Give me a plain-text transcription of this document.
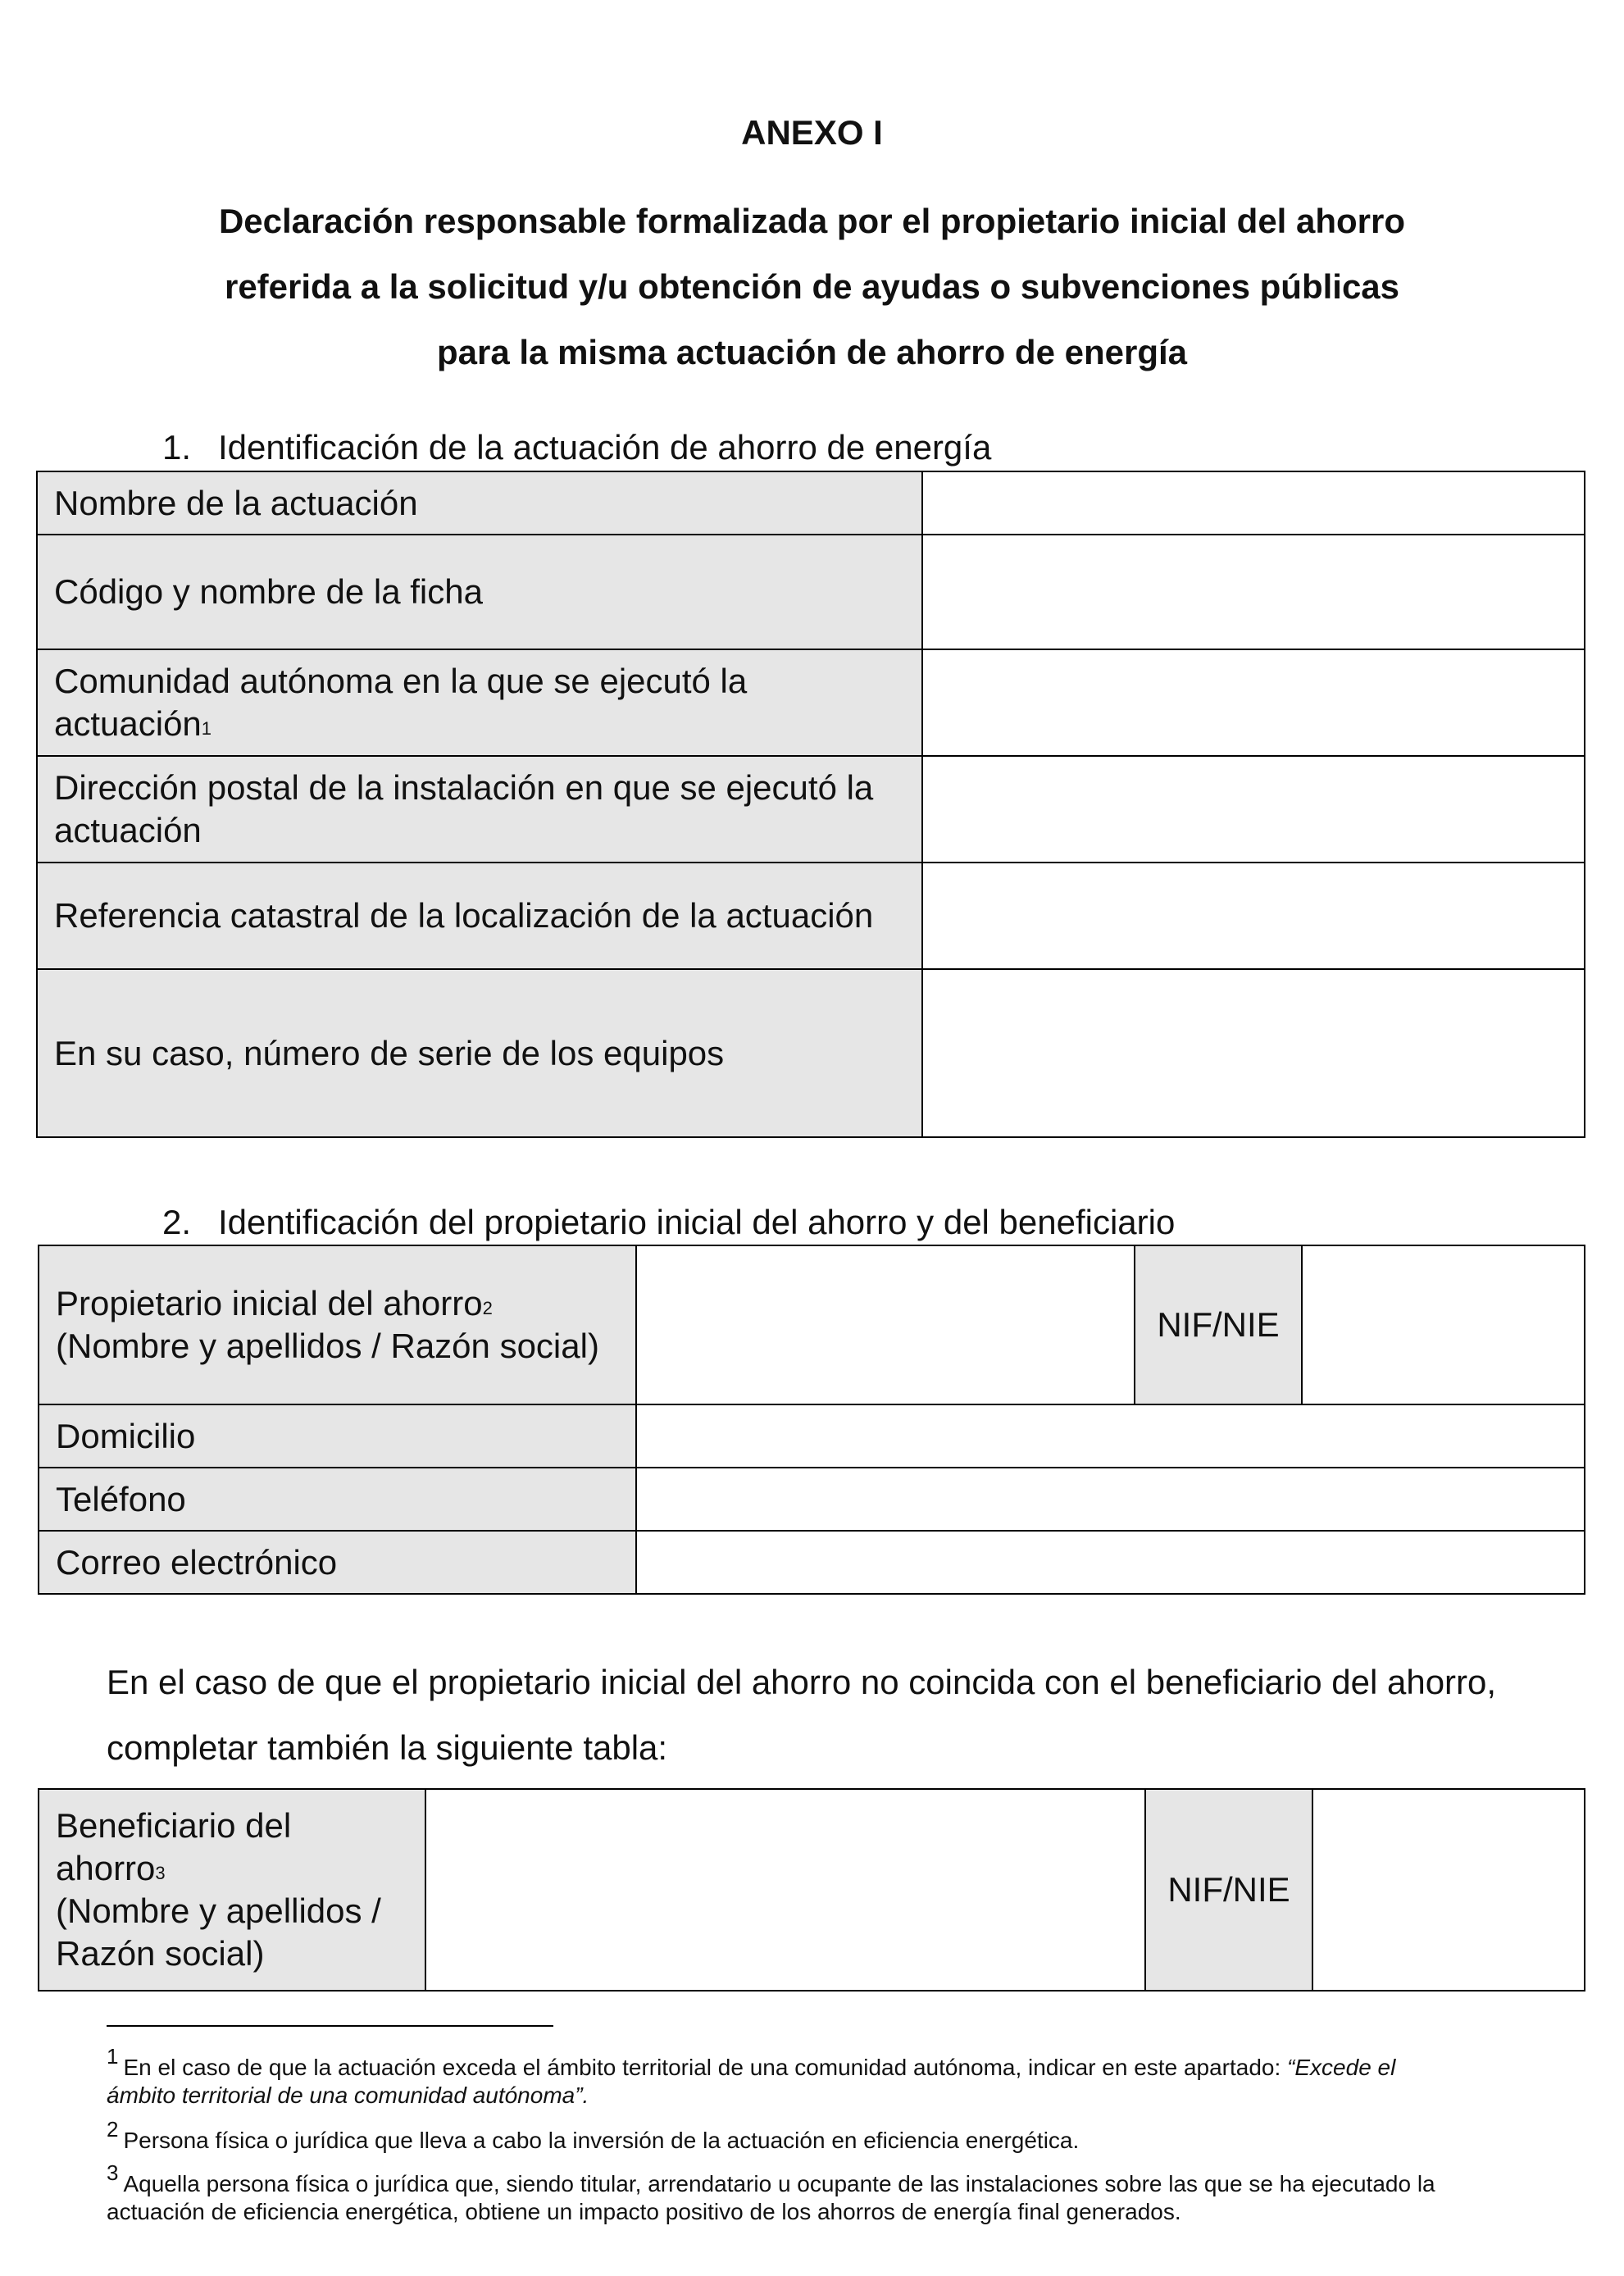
ANEXO I
Declaración responsable formalizada por el propietario inicial del ahorro
referida a la solicitud y/u obtención de ayudas o subvenciones públicas
para la misma actuación de ahorro de energía
1. Identificación de la actuación de ahorro de energía
Nombre de la actuación	
Código y nombre de la ficha	
Comunidad autónoma en la que se ejecutó la actuación$^1$	
Dirección postal de la instalación en que se ejecutó la actuación	
Referencia catastral de la localización de la actuación	
En su caso, número de serie de los equipos	
2. Identificación del propietario inicial del ahorro y del beneficiario
Propietario inicial del ahorro$^2$
(Nombre y apellidos / Razón social)		NIF/NIE	
Domicilio			
Teléfono			
Correo electrónico			
En el caso de que el propietario inicial del ahorro no coincida con el beneficiario del ahorro, completar también la siguiente tabla:
Beneficiario del ahorro$^3$
(Nombre y apellidos / Razón social)		NIF/NIE	
1 En el caso de que la actuación exceda el ámbito territorial de una comunidad autónoma, indicar en este apartado: “Excede el ámbito territorial de una comunidad autónoma”.
2 Persona física o jurídica que lleva a cabo la inversión de la actuación en eficiencia energética.
3 Aquella persona física o jurídica que, siendo titular, arrendatario u ocupante de las instalaciones sobre las que se ha ejecutado la actuación de eficiencia energética, obtiene un impacto positivo de los ahorros de energía final generados.
